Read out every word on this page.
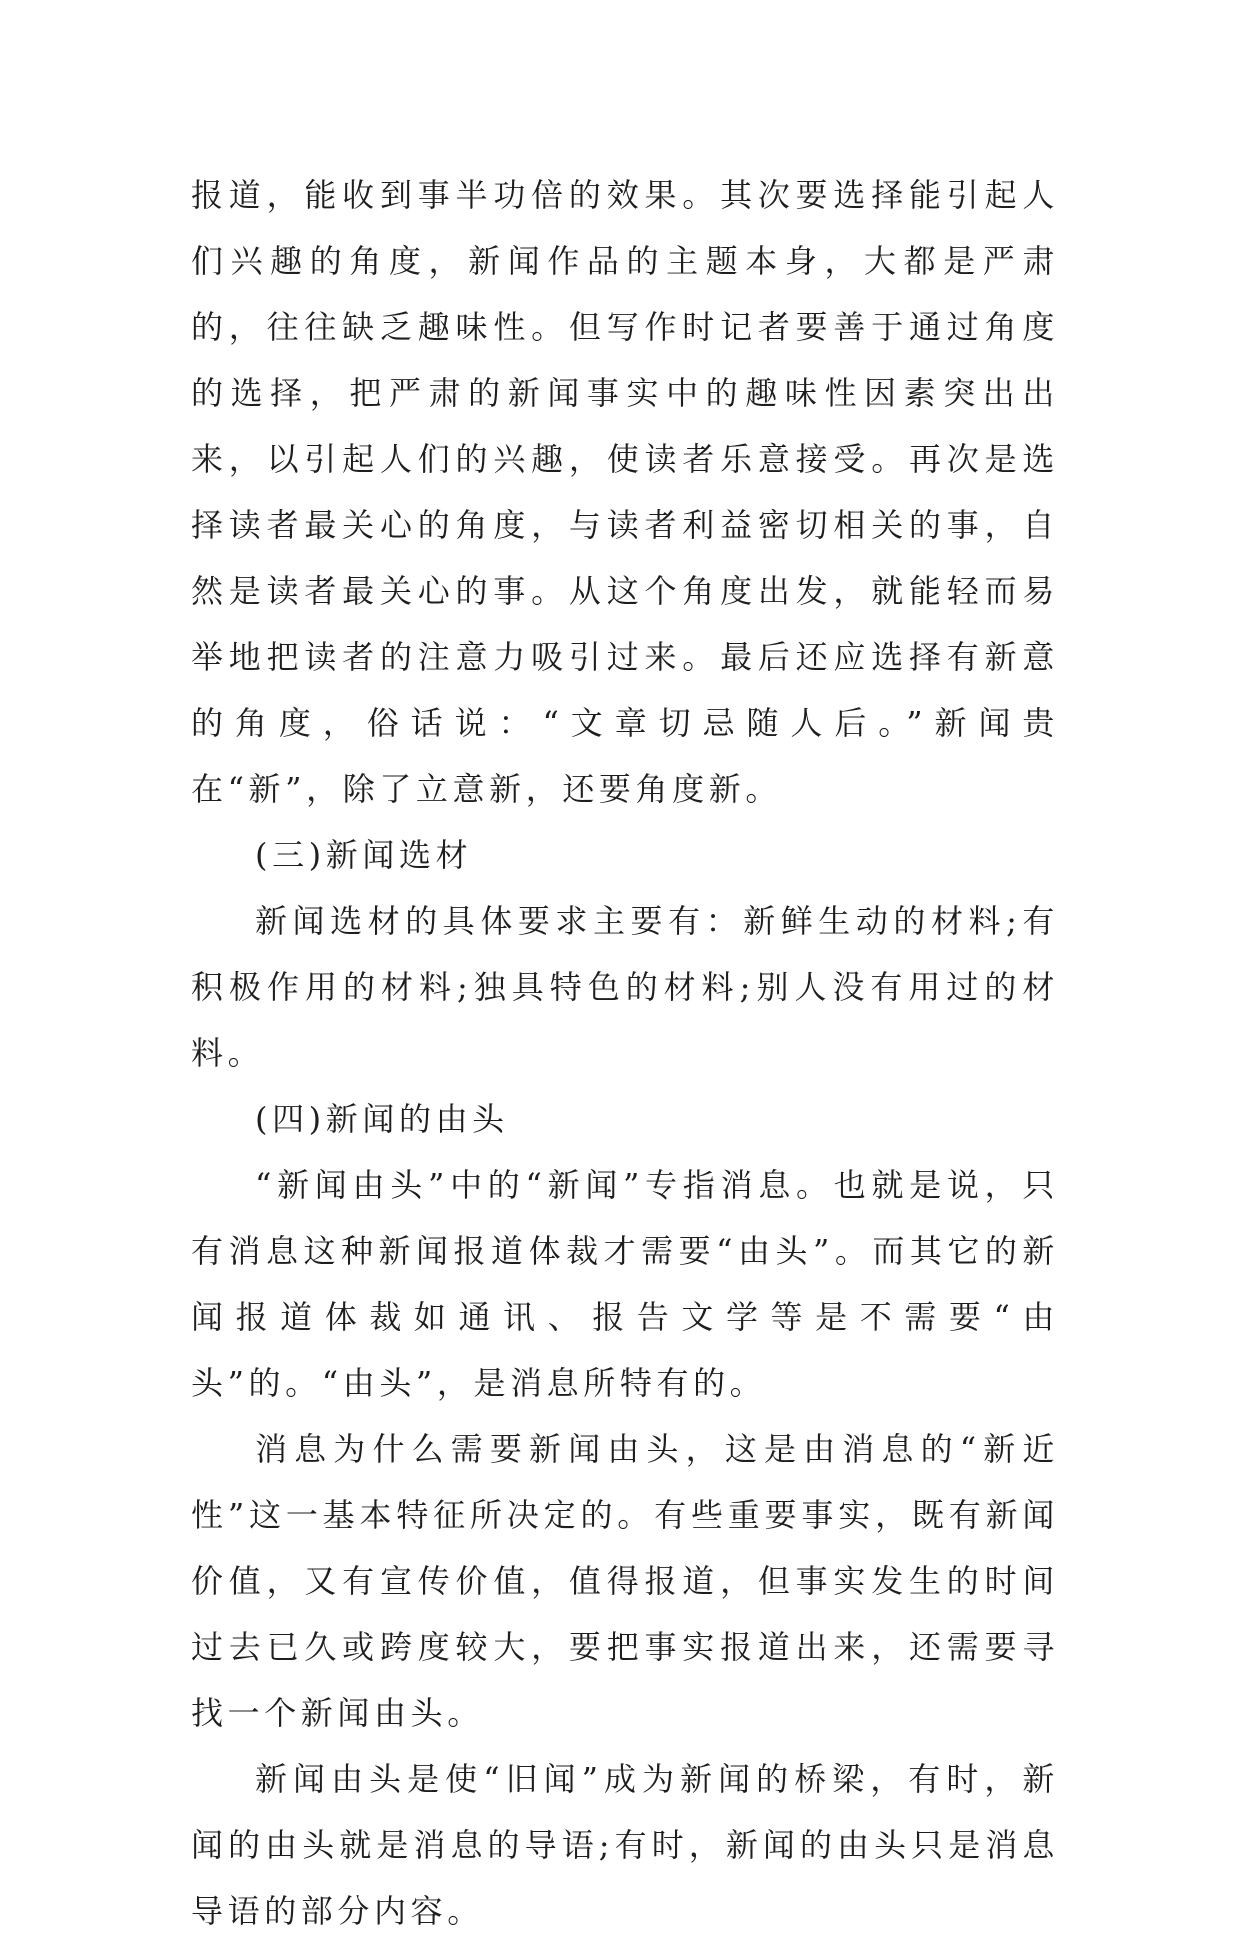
报道，能收到事半功倍的效果。其次要选择能引起人们兴趣的角度，新闻作品的主题本身，大都是严肃的，往往缺乏趣味性。但写作时记者要善于通过角度的选择，把严肃的新闻事实中的趣味性因素突出出来，以引起人们的兴趣，使读者乐意接受。再次是选择读者最关心的角度，与读者利益密切相关的事，自然是读者最关心的事。从这个角度出发，就能轻而易举地把读者的注意力吸引过来。最后还应选择有新意的角度，俗话说：“文章切忌随人后。”新闻贵在“新”，除了立意新，还要角度新。

(三)新闻选材

新闻选材的具体要求主要有：新鲜生动的材料;有积极作用的材料;独具特色的材料;别人没有用过的材料。

(四)新闻的由头

“新闻由头”中的“新闻”专指消息。也就是说，只有消息这种新闻报道体裁才需要“由头”。而其它的新闻报道体裁如通讯、报告文学等是不需要“由头”的。“由头”，是消息所特有的。

消息为什么需要新闻由头，这是由消息的“新近性”这一基本特征所决定的。有些重要事实，既有新闻价值，又有宣传价值，值得报道，但事实发生的时间过去已久或跨度较大，要把事实报道出来，还需要寻找一个新闻由头。

新闻由头是使“旧闻”成为新闻的桥梁，有时，新闻的由头就是消息的导语;有时，新闻的由头只是消息导语的部分内容。
